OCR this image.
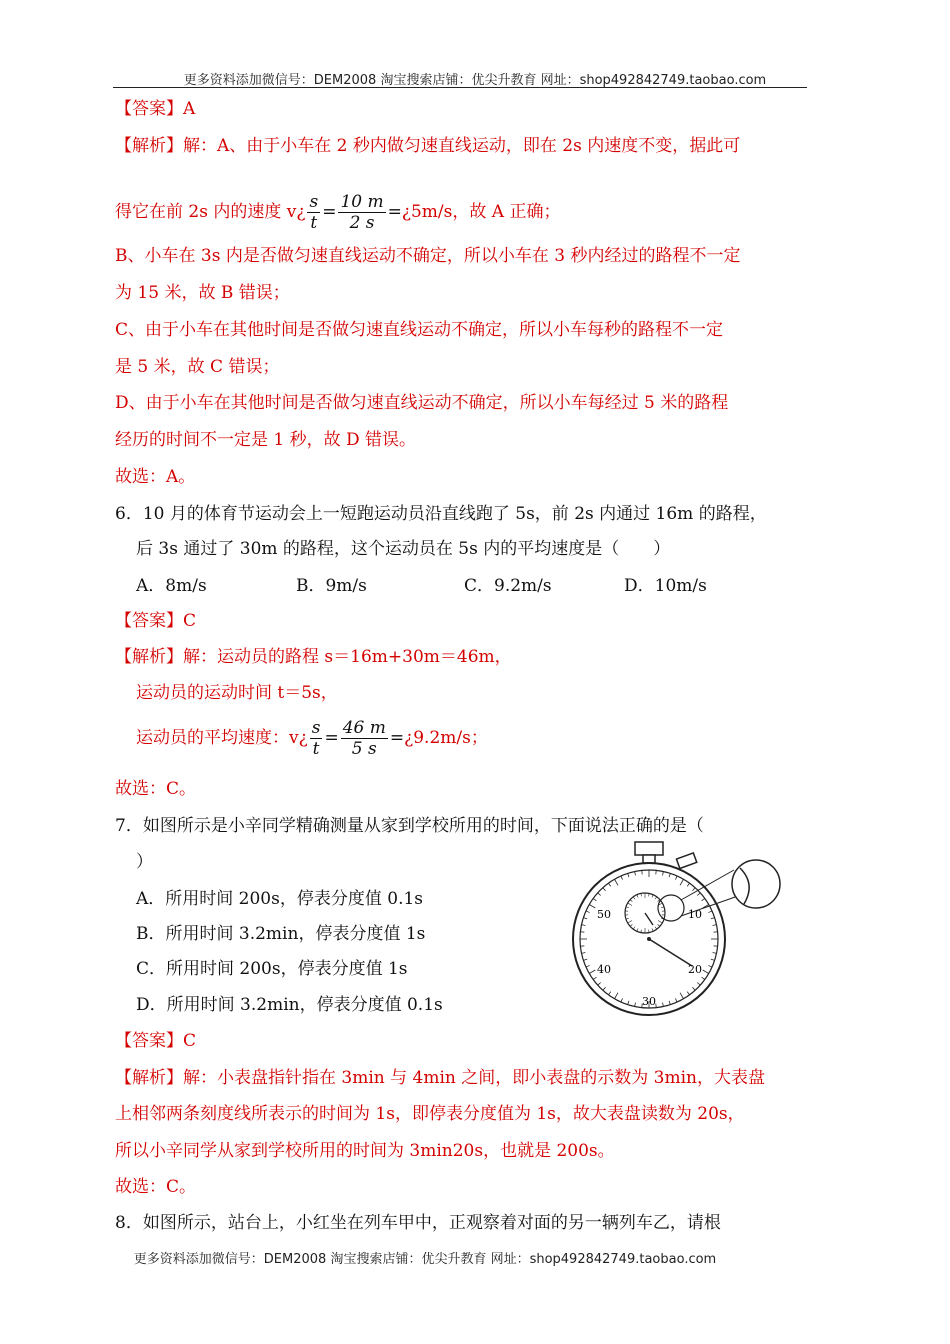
更多资料添加微信号：DEM2008 淘宝搜索店铺：优尖升教育 网址：shop492842749.taobao.com
【答案】A
【解析】解：A、由于小车在 2 秒内做匀速直线运动，即在 2s 内速度不变，据此可
得它在前 2s 内的速度 v¿ $\frac{s}{t} = \frac{10 m}{2 s}$ =¿5m/s，故 A 正确；
B、小车在 3s 内是否做匀速直线运动不确定，所以小车在 3 秒内经过的路程不一定
为 15 米，故 B 错误；
C、由于小车在其他时间是否做匀速直线运动不确定，所以小车每秒的路程不一定
是 5 米，故 C 错误；
D、由于小车在其他时间是否做匀速直线运动不确定，所以小车每经过 5 米的路程
经历的时间不一定是 1 秒，故 D 错误。
故选：A。
6．10 月的体育节运动会上一短跑运动员沿直线跑了 5s，前 2s 内通过 16m 的路程，
后 3s 通过了 30m 的路程，这个运动员在 5s 内的平均速度是（　　）
A．8m/s	B．9m/s	C．9.2m/s	D．10m/s
【答案】C
【解析】解：运动员的路程 s＝16m+30m＝46m，
运动员的运动时间 t＝5s，
运动员的平均速度：v¿ $\frac{s}{t} = \frac{46 m}{5 s}$ =¿9.2m/s；
故选：C。
7．如图所示是小辛同学精确测量从家到学校所用的时间，下面说法正确的是（
）
A．所用时间 200s，停表分度值 0.1s
B．所用时间 3.2min，停表分度值 1s
C．所用时间 200s，停表分度值 1s
D．所用时间 3.2min，停表分度值 0.1s
50	10
40	20
30
【答案】C
【解析】解：小表盘指针指在 3min 与 4min 之间，即小表盘的示数为 3min，大表盘
上相邻两条刻度线所表示的时间为 1s，即停表分度值为 1s，故大表盘读数为 20s，
所以小辛同学从家到学校所用的时间为 3min20s，也就是 200s。
故选：C。
8．如图所示，站台上，小红坐在列车甲中，正观察着对面的另一辆列车乙，请根
更多资料添加微信号：DEM2008 淘宝搜索店铺：优尖升教育 网址：shop492842749.taobao.com
